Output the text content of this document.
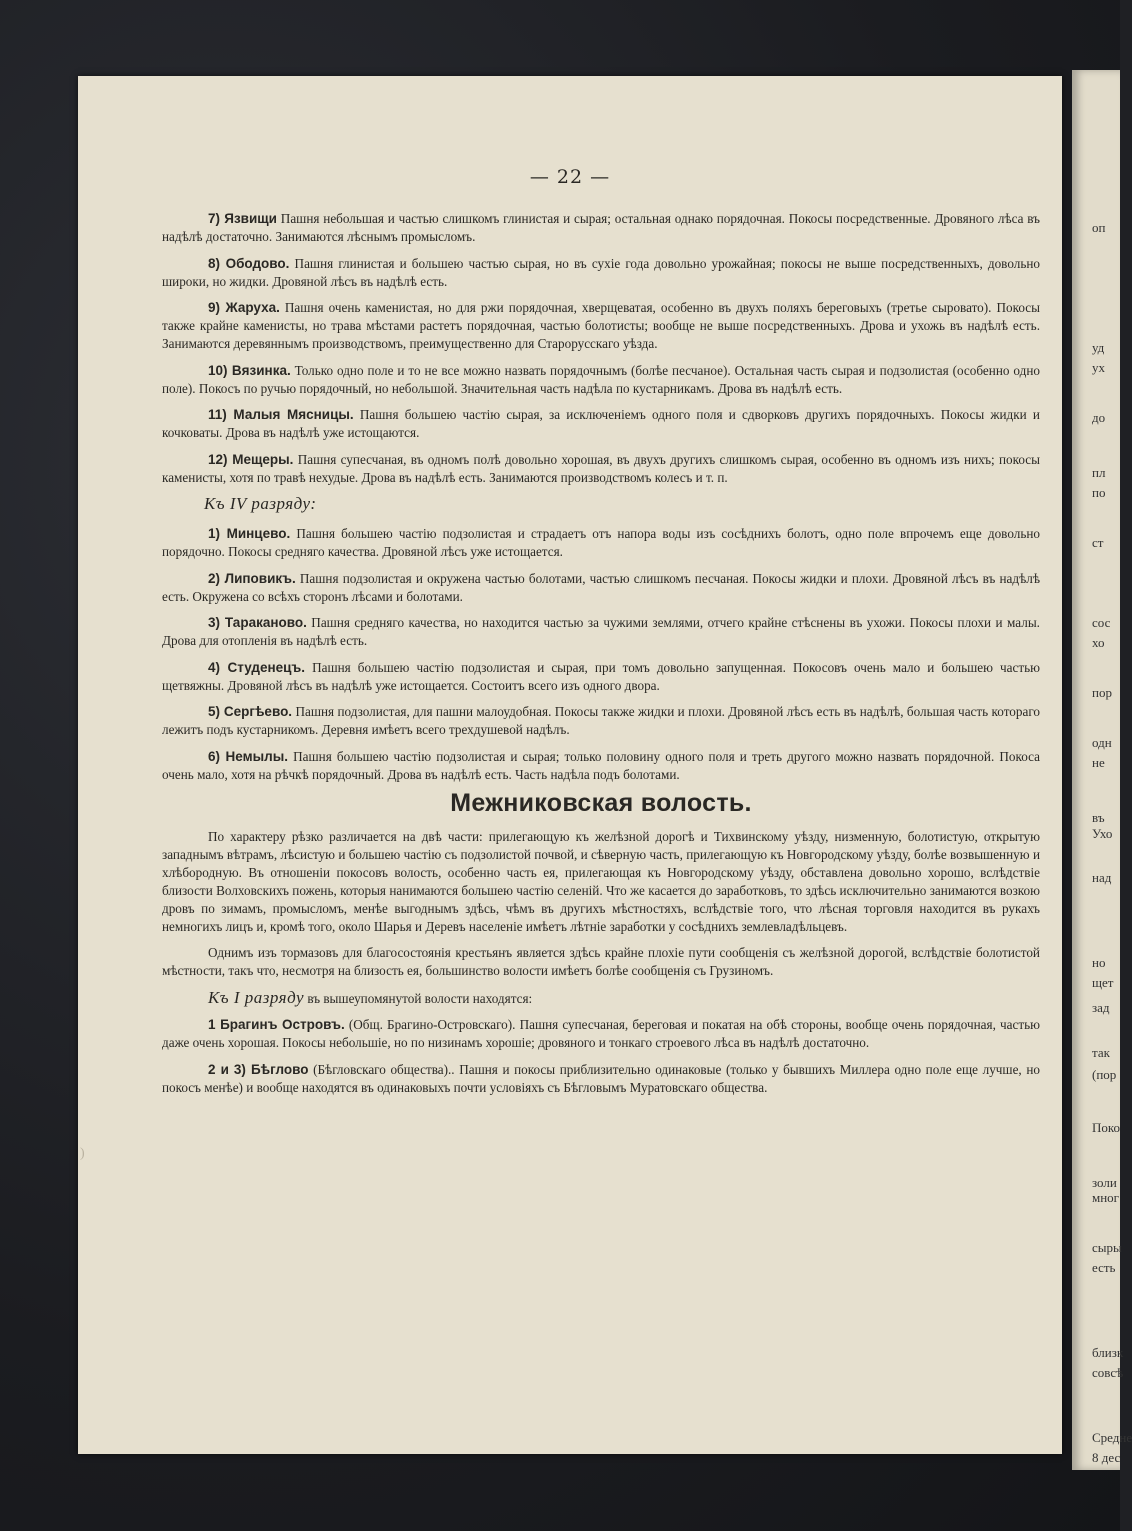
оп
уд
ух
до
пл
по
ст
сос
хо
пор
одн
не
въ
Ухо
над
но
щет
зад
так
(пор
Поко
золи
мног
сыры
есть
близк
совсѣ
Средне
8 дес
— 22 —
)

7) Язвищи Пашня небольшая и частью слишкомъ глинистая и сырая; остальная однако порядочная. Покосы посредственные. Дровяного лѣса въ надѣлѣ достаточно. Занимаются лѣснымъ промысломъ.

8) Ободово. Пашня глинистая и большею частью сырая, но въ сухіе года довольно урожайная; покосы не выше посредственныхъ, довольно широки, но жидки. Дровяной лѣсъ въ надѣлѣ есть.

9) Жаруха. Пашня очень каменистая, но для ржи порядочная, хверщеватая, особенно въ двухъ поляхъ береговыхъ (третье сыровато). Покосы также крайне каменисты, но трава мѣстами растетъ порядочная, частью болотисты; вообще не выше посредственныхъ. Дрова и ухожь въ надѣлѣ есть. Занимаются деревяннымъ производствомъ, преимущественно для Старорусскаго уѣзда.

10) Вязинка. Только одно поле и то не все можно назвать порядочнымъ (болѣе песчаное). Остальная часть сырая и подзолистая (особенно одно поле). Покосъ по ручью порядочный, но небольшой. Значительная часть надѣла по кустарникамъ. Дрова въ надѣлѣ есть.

11) Малыя Мясницы. Пашня большею частію сырая, за исключеніемъ одного поля и сдворковъ другихъ порядочныхъ. Покосы жидки и кочковаты. Дрова въ надѣлѣ уже истощаются.

12) Мещеры. Пашня супесчаная, въ одномъ полѣ довольно хорошая, въ двухъ другихъ слишкомъ сырая, особенно въ одномъ изъ нихъ; покосы каменисты, хотя по травѣ нехудые. Дрова въ надѣлѣ есть. Занимаются производствомъ колесъ и т. п.

Къ IV разряду:

1) Минцево. Пашня большею частію подзолистая и страдаетъ отъ напора воды изъ сосѣднихъ болотъ, одно поле впрочемъ еще довольно порядочно. Покосы средняго качества. Дровяной лѣсъ уже истощается.

2) Липовикъ. Пашня подзолистая и окружена частью болотами, частью слишкомъ песчаная. Покосы жидки и плохи. Дровяной лѣсъ въ надѣлѣ есть. Окружена со всѣхъ сторонъ лѣсами и болотами.

3) Тараканово. Пашня средняго качества, но находится частью за чужими землями, отчего крайне стѣснены въ ухожи. Покосы плохи и малы. Дрова для отопленія въ надѣлѣ есть.

4) Студенецъ. Пашня большею частію подзолистая и сырая, при томъ довольно запущенная. Покосовъ очень мало и большею частью щетвяжны. Дровяной лѣсъ въ надѣлѣ уже истощается. Состоитъ всего изъ одного двора.

5) Сергѣево. Пашня подзолистая, для пашни малоудобная. Покосы также жидки и плохи. Дровяной лѣсъ есть въ надѣлѣ, большая часть котораго лежитъ подъ кустарникомъ. Деревня имѣетъ всего трехдушевой надѣлъ.

6) Немылы. Пашня большею частію подзолистая и сырая; только половину одного поля и треть другого можно назвать порядочной. Покоса очень мало, хотя на рѣчкѣ порядочный. Дрова въ надѣлѣ есть. Часть надѣла подъ болотами.

Межниковская волость.

По характеру рѣзко различается на двѣ части: прилегающую къ желѣзной дорогѣ и Тихвинскому уѣзду, низменную, болотистую, открытую западнымъ вѣтрамъ, лѣсистую и большею частію съ подзолистой почвой, и сѣверную часть, прилегающую къ Новгородскому уѣзду, болѣе возвышенную и хлѣбородную. Въ отношеніи покосовъ волость, особенно часть ея, прилегающая къ Новгородскому уѣзду, обставлена довольно хорошо, вслѣдствіе близости Волховскихъ пожень, которыя нанимаются большею частію селеній. Что же касается до заработковъ, то здѣсь исключительно занимаются возкою дровъ по зимамъ, промысломъ, менѣе выгоднымъ здѣсь, чѣмъ въ другихъ мѣстностяхъ, вслѣдствіе того, что лѣсная торговля находится въ рукахъ немногихъ лицъ и, кромѣ того, около Шарья и Деревъ населеніе имѣетъ лѣтніе заработки у сосѣднихъ землевладѣльцевъ.

Однимъ изъ тормазовъ для благосостоянія крестьянъ является здѣсь крайне плохіе пути сообщенія съ желѣзной дорогой, вслѣдствіе болотистой мѣстности, такъ что, несмотря на близость ея, большинство волости имѣетъ болѣе сообщенія съ Грузиномъ.

Къ I разряду въ вышеупомянутой волости находятся:

1 Брагинъ Островъ. (Общ. Брагино-Островскаго). Пашня супесчаная, береговая и покатая на обѣ стороны, вообще очень порядочная, частью даже очень хорошая. Покосы небольшіе, но по низинамъ хорошіе; дровяного и тонкаго строевого лѣса въ надѣлѣ достаточно.

2 и 3) Бѣглово (Бѣгловскаго общества).. Пашня и покосы приблизительно одинаковые (только у бывшихъ Миллера одно поле еще лучше, но покосъ менѣе) и вообще находятся въ одинаковыхъ почти условіяхъ съ Бѣгловымъ Муратовскаго общества.
